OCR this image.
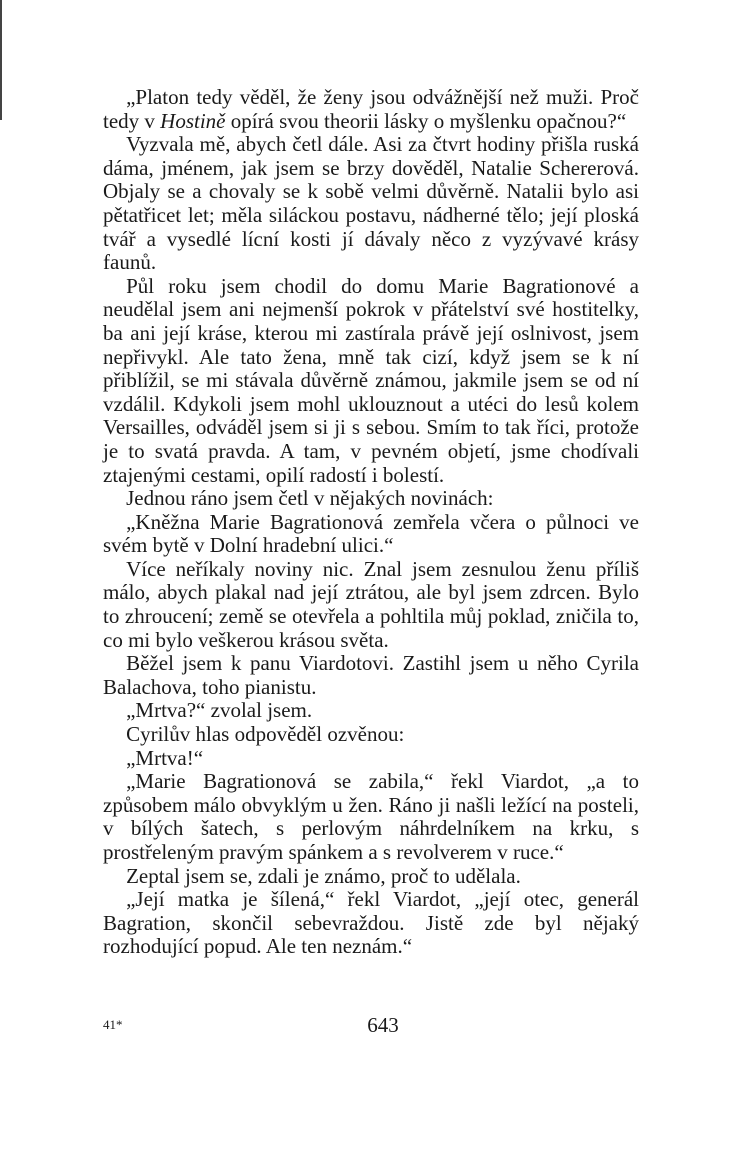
„Platon tedy věděl, že ženy jsou odvážnější než muži. Proč tedy v Hostině opírá svou theorii lásky o myšlenku opačnou?“

Vyzvala mě, abych četl dále. Asi za čtvrt hodiny přišla ruská dáma, jménem, jak jsem se brzy dověděl, Natalie Schererová. Objaly se a chovaly se k sobě velmi důvěrně. Natalii bylo asi pětatřicet let; měla siláckou postavu, nádherné tělo; její ploská tvář a vysedlé lícní kosti jí dávaly něco z vyzývavé krásy faunů.

Půl roku jsem chodil do domu Marie Bagrationové a neudělal jsem ani nejmenší pokrok v přátelství své hostitelky, ba ani její krásе, kterou mi zastírala právě její oslnivost, jsem nepřivykl. Ale tato žena, mně tak cizí, když jsem se k ní přiblížil, se mi stávala důvěrně známou, jakmile jsem se od ní vzdálil. Kdykoli jsem mohl uklouznout a utéci do lesů kolem Versailles, odváděl jsem si ji s sebou. Smím to tak říci, protože je to svatá pravda. A tam, v pevném objetí, jsme chodívali ztajenými cestami, opilí radostí i bolestí.

Jednou ráno jsem četl v nějakých novinách:

„Kněžna Marie Bagrationová zemřela včera o půlnoci ve svém bytě v Dolní hradební ulici.“

Více neříkaly noviny nic. Znal jsem zesnulou ženu příliš málo, abych plakal nad její ztrátou, ale byl jsem zdrcen. Bylo to zhroucení; země se otevřela a pohltila můj poklad, zničila to, co mi bylo veškerou krásou světa.

Běžel jsem k panu Viardotovi. Zastihl jsem u něho Cyrila Balachova, toho pianistu.

„Mrtva?“ zvolal jsem.

Cyrilův hlas odpověděl ozvěnou:

„Mrtva!“

„Marie Bagrationová se zabila,“ řekl Viardot, „a to způsobem málo obvyklým u žen. Ráno ji našli ležící na posteli, v bílých šatech, s perlovým náhrdelníkem na krku, s prostřeleným pravým spánkem a s revolverem v ruce.“

Zeptal jsem se, zdali je známo, proč to udělala.

„Její matka je šílená,“ řekl Viardot, „její otec, generál Bagration, skončil sebevraždou. Jistě zde byl nějaký rozhodující popud. Ale ten neznám.“

41*	643
